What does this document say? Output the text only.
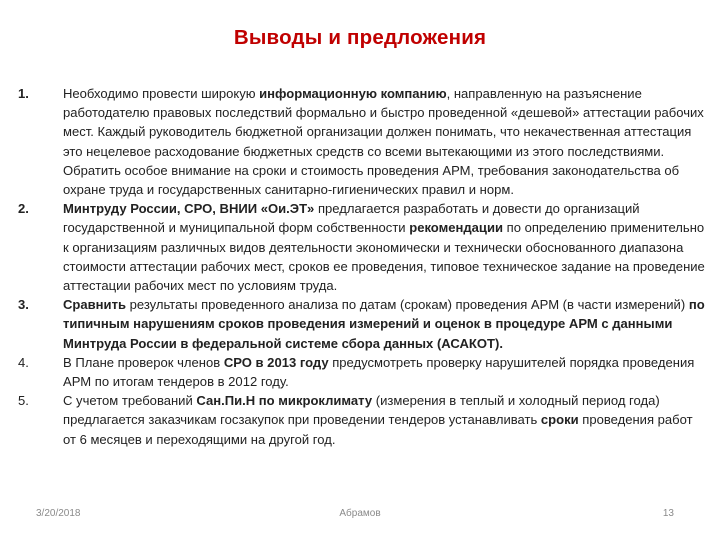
Выводы и предложения
1.	Необходимо провести широкую информационную компанию, направленную на разъяснение работодателю правовых последствий формально и быстро проведенной «дешевой» аттестации рабочих мест. Каждый руководитель бюджетной организации должен понимать, что некачественная аттестация это нецелевое расходование бюджетных средств со всеми вытекающими из этого последствиями. Обратить особое внимание на сроки и стоимость проведения АРМ, требования законодательства об охране труда и государственных санитарно-гигиенических правил и норм.
2.	Минтруду России, СРО, ВНИИ «Ои.ЭТ» предлагается разработать и довести до организаций государственной и муниципальной форм собственности рекомендации по определению применительно к организациям различных видов деятельности экономически и технически обоснованного диапазона стоимости аттестации рабочих мест, сроков ее проведения, типовое техническое задание на проведение аттестации рабочих мест по условиям труда.
3.	Сравнить результаты проведенного анализа по датам (срокам) проведения АРМ (в части измерений) по типичным нарушениям сроков проведения измерений и оценок в процедуре АРМ с данными Минтруда России в федеральной системе сбора данных (АСАКОТ).
4.	В Плане проверок членов СРО в 2013 году предусмотреть проверку нарушителей порядка проведения АРМ по итогам тендеров в 2012 году.
5.	С учетом требований Сан.Пи.Н по микроклимату (измерения в теплый и холодный период года) предлагается заказчикам госзакупок при проведении тендеров устанавливать сроки проведения работ от 6 месяцев и переходящими на другой год.
3/20/2018	Абрамов	13
